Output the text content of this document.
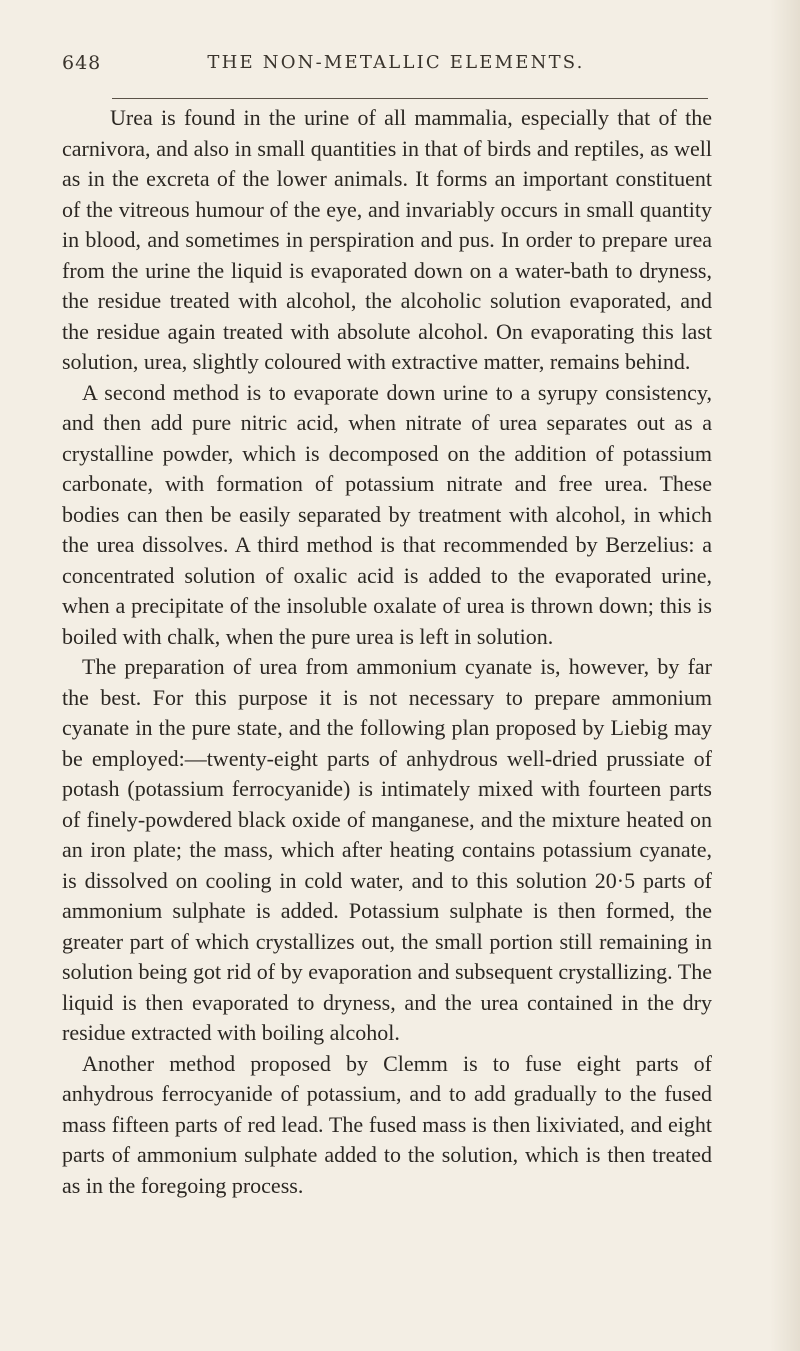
648	THE NON-METALLIC ELEMENTS.

Urea is found in the urine of all mammalia, especially that of the carnivora, and also in small quantities in that of birds and reptiles, as well as in the excreta of the lower animals. It forms an important constituent of the vitreous humour of the eye, and invariably occurs in small quantity in blood, and sometimes in perspiration and pus. In order to prepare urea from the urine the liquid is evaporated down on a water-bath to dryness, the residue treated with alcohol, the alcoholic solution evaporated, and the residue again treated with absolute alcohol. On evaporating this last solution, urea, slightly coloured with extractive matter, remains behind.

A second method is to evaporate down urine to a syrupy consistency, and then add pure nitric acid, when nitrate of urea separates out as a crystalline powder, which is decomposed on the addition of potassium carbonate, with formation of potassium nitrate and free urea. These bodies can then be easily separated by treatment with alcohol, in which the urea dissolves. A third method is that recommended by Berzelius: a concentrated solution of oxalic acid is added to the evaporated urine, when a precipitate of the insoluble oxalate of urea is thrown down; this is boiled with chalk, when the pure urea is left in solution.

The preparation of urea from ammonium cyanate is, however, by far the best. For this purpose it is not necessary to prepare ammonium cyanate in the pure state, and the following plan proposed by Liebig may be employed:—twenty-eight parts of anhydrous well-dried prussiate of potash (potassium ferrocyanide) is intimately mixed with fourteen parts of finely-powdered black oxide of manganese, and the mixture heated on an iron plate; the mass, which after heating contains potassium cyanate, is dissolved on cooling in cold water, and to this solution 20·5 parts of ammonium sulphate is added. Potassium sulphate is then formed, the greater part of which crystallizes out, the small portion still remaining in solution being got rid of by evaporation and subsequent crystallizing. The liquid is then evaporated to dryness, and the urea contained in the dry residue extracted with boiling alcohol.

Another method proposed by Clemm is to fuse eight parts of anhydrous ferrocyanide of potassium, and to add gradually to the fused mass fifteen parts of red lead. The fused mass is then lixiviated, and eight parts of ammonium sulphate added to the solution, which is then treated as in the foregoing process.
